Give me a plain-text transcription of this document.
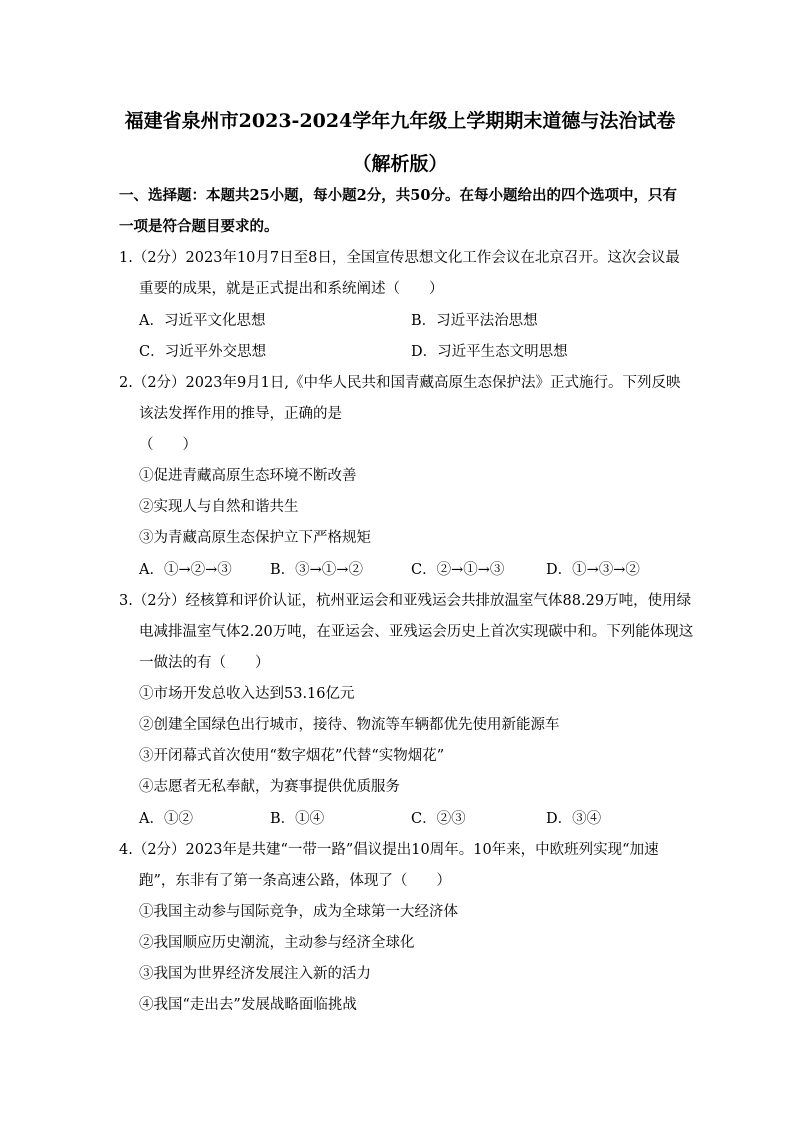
福建省泉州市2023-2024学年九年级上学期期末道德与法治试卷
（解析版）
一、选择题：本题共25小题，每小题2分，共50分。在每小题给出的四个选项中，只有
一项是符合题目要求的。
1.（2分）2023年10月7日至8日，全国宣传思想文化工作会议在北京召开。这次会议最
重要的成果，就是正式提出和系统阐述（　　）
A．习近平文化思想	B．习近平法治思想
C．习近平外交思想	D．习近平生态文明思想
2.（2分）2023年9月1日,《中华人民共和国青藏高原生态保护法》正式施行。下列反映
该法发挥作用的推导，正确的是
（　　）
①促进青藏高原生态环境不断改善
②实现人与自然和谐共生
③为青藏高原生态保护立下严格规矩
A．①→②→③	B．③→①→②	C．②→①→③	D．①→③→②
3.（2分）经核算和评价认证，杭州亚运会和亚残运会共排放温室气体88.29万吨，使用绿
电减排温室气体2.20万吨，在亚运会、亚残运会历史上首次实现碳中和。下列能体现这
一做法的有（　　）
①市场开发总收入达到53.16亿元
②创建全国绿色出行城市，接待、物流等车辆都优先使用新能源车
③开闭幕式首次使用“数字烟花”代替“实物烟花”
④志愿者无私奉献，为赛事提供优质服务
A．①②	B．①④	C．②③	D．③④
4.（2分）2023年是共建“一带一路”倡议提出10周年。10年来，中欧班列实现“加速
跑”，东非有了第一条高速公路，体现了（　　）
①我国主动参与国际竞争，成为全球第一大经济体
②我国顺应历史潮流，主动参与经济全球化
③我国为世界经济发展注入新的活力
④我国“走出去”发展战略面临挑战
